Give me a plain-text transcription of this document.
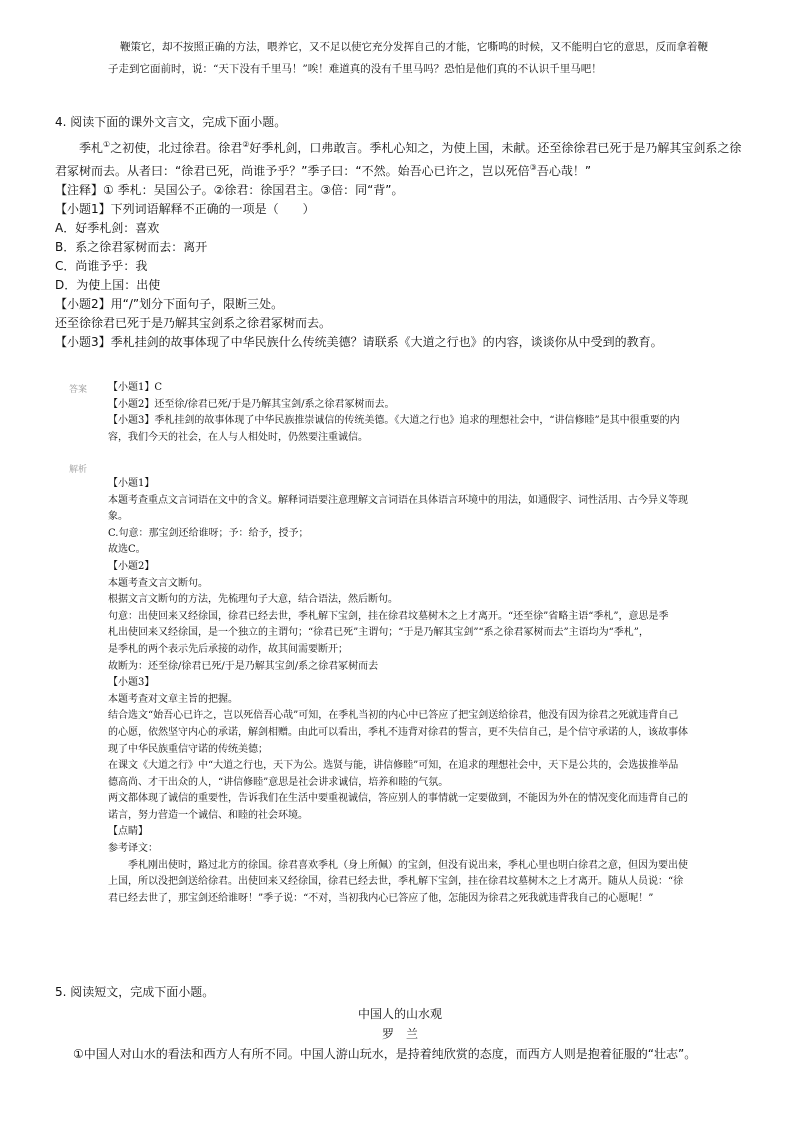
鞭策它，却不按照正确的方法，喂养它，又不足以使它充分发挥自己的才能，它嘶鸣的时候，又不能明白它的意思，反而拿着鞭

子走到它面前时，说：“天下没有千里马！”唉！难道真的没有千里马吗？恐怕是他们真的不认识千里马吧！

4. 阅读下面的课外文言文，完成下面小题。

季札①之初使，北过徐君。徐君②好季札剑，口弗敢言。季札心知之，为使上国，未献。还至徐徐君已死于是乃解其宝剑系之徐君冢树而去。从者曰：“徐君已死，尚谁予乎？”季子曰：“不然。始吾心已许之，岂以死倍③吾心哉！”

【注释】① 季札：吴国公子。②徐君：徐国君主。③倍：同“背”。

【小题1】下列词语解释不正确的一项是（　　）

A．好季札剑：喜欢

B．系之徐君冢树而去：离开

C．尚谁予乎：我

D．为使上国：出使

【小题2】用“/”划分下面句子，限断三处。

还至徐徐君已死于是乃解其宝剑系之徐君冢树而去。

【小题3】季札挂剑的故事体现了中华民族什么传统美德？请联系《大道之行也》的内容，谈谈你从中受到的教育。

答案 【小题1】C

【小题2】还至徐/徐君已死/于是乃解其宝剑/系之徐君冢树而去。

【小题3】季札挂剑的故事体现了中华民族推崇诚信的传统美德。《大道之行也》追求的理想社会中，“讲信修睦”是其中很重要的内

容，我们今天的社会，在人与人相处时，仍然要注重诚信。

解析

【小题1】

本题考查重点文言词语在文中的含义。解释词语要注意理解文言词语在具体语言环境中的用法，如通假字、词性活用、古今异义等现

象。

C.句意：那宝剑还给谁呀；予：给予，授予；

故选C。

【小题2】

本题考查文言文断句。

根据文言文断句的方法，先梳理句子大意，结合语法，然后断句。

句意：出使回来又经徐国，徐君已经去世，季札解下宝剑，挂在徐君坟墓树木之上才离开。“还至徐”省略主语“季札”，意思是季

札出使回来又经徐国，是一个独立的主谓句；“徐君已死”主谓句；“于是乃解其宝剑”“系之徐君冢树而去”主语均为“季札”，

是季札的两个表示先后承接的动作，故其间需要断开；

故断为：还至徐/徐君已死/于是乃解其宝剑/系之徐君冢树而去

【小题3】

本题考查对文章主旨的把握。

结合选文“始吾心已许之，岂以死倍吾心哉”可知，在季札当初的内心中已答应了把宝剑送给徐君，他没有因为徐君之死就违背自己

的心愿，依然坚守内心的承诺，解剑相赠。由此可以看出，季札不违背对徐君的誓言，更不失信自己，是个信守承诺的人，该故事体

现了中华民族重信守诺的传统美德；

在课文《大道之行》中“大道之行也，天下为公。选贤与能，讲信修睦”可知，在追求的理想社会中，天下是公共的，会选拔推举品

德高尚、才干出众的人，“讲信修睦”意思是社会讲求诚信，培养和睦的气氛。

两文都体现了诚信的重要性，告诉我们在生活中要重视诚信，答应别人的事情就一定要做到，不能因为外在的情况变化而违背自己的

诺言，努力营造一个诚信、和睦的社会环境。

【点睛】

参考译文：

季札刚出使时，路过北方的徐国。徐君喜欢季札（身上所佩）的宝剑，但没有说出来，季札心里也明白徐君之意，但因为要出使

上国，所以没把剑送给徐君。出使回来又经徐国，徐君已经去世，季札解下宝剑，挂在徐君坟墓树木之上才离开。随从人员说：“徐

君已经去世了，那宝剑还给谁呀！”季子说：“不对，当初我内心已答应了他，怎能因为徐君之死我就违背我自己的心愿呢！”

5. 阅读短文，完成下面小题。

中国人的山水观

罗　兰

①中国人对山水的看法和西方人有所不同。中国人游山玩水，是持着纯欣赏的态度，而西方人则是抱着征服的“壮志”。
